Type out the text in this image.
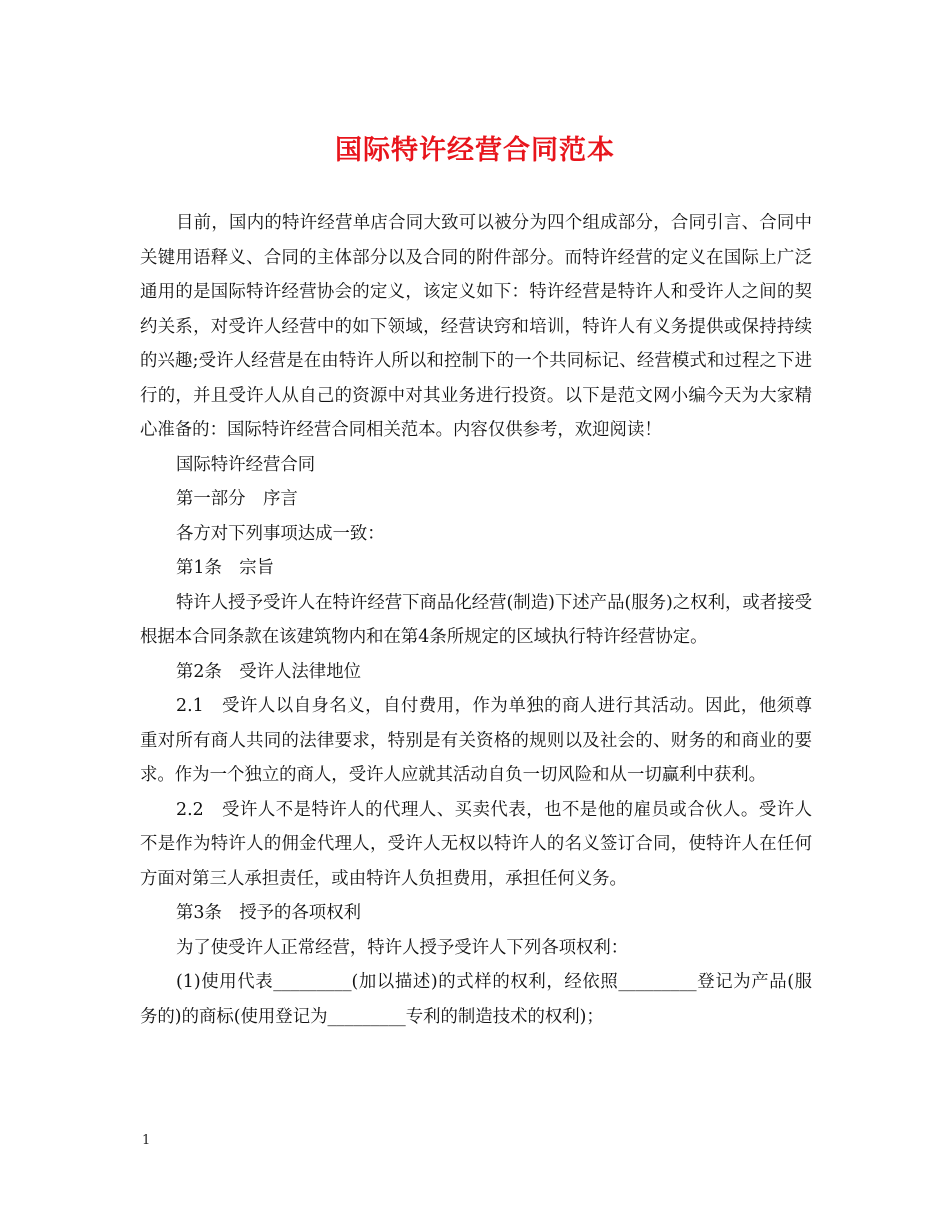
国际特许经营合同范本

目前，国内的特许经营单店合同大致可以被分为四个组成部分，合同引言、合同中关键用语释义、合同的主体部分以及合同的附件部分。而特许经营的定义在国际上广泛通用的是国际特许经营协会的定义，该定义如下：特许经营是特许人和受许人之间的契约关系，对受许人经营中的如下领域，经营诀窍和培训，特许人有义务提供或保持持续的兴趣;受许人经营是在由特许人所以和控制下的一个共同标记、经营模式和过程之下进行的，并且受许人从自己的资源中对其业务进行投资。以下是范文网小编今天为大家精心准备的：国际特许经营合同相关范本。内容仅供参考，欢迎阅读！

国际特许经营合同

第一部分　序言

各方对下列事项达成一致：

第1条　宗旨

特许人授予受许人在特许经营下商品化经营(制造)下述产品(服务)之权利，或者接受根据本合同条款在该建筑物内和在第4条所规定的区域执行特许经营协定。

第2条　受许人法律地位

2.1　受许人以自身名义，自付费用，作为单独的商人进行其活动。因此，他须尊重对所有商人共同的法律要求，特别是有关资格的规则以及社会的、财务的和商业的要求。作为一个独立的商人，受许人应就其活动自负一切风险和从一切赢利中获利。

2.2　受许人不是特许人的代理人、买卖代表，也不是他的雇员或合伙人。受许人不是作为特许人的佣金代理人，受许人无权以特许人的名义签订合同，使特许人在任何方面对第三人承担责任，或由特许人负担费用，承担任何义务。

第3条　授予的各项权利

为了使受许人正常经营，特许人授予受许人下列各项权利：

(1)使用代表_________(加以描述)的式样的权利，经依照_________登记为产品(服务的)的商标(使用登记为_________专利的制造技术的权利)；

1
